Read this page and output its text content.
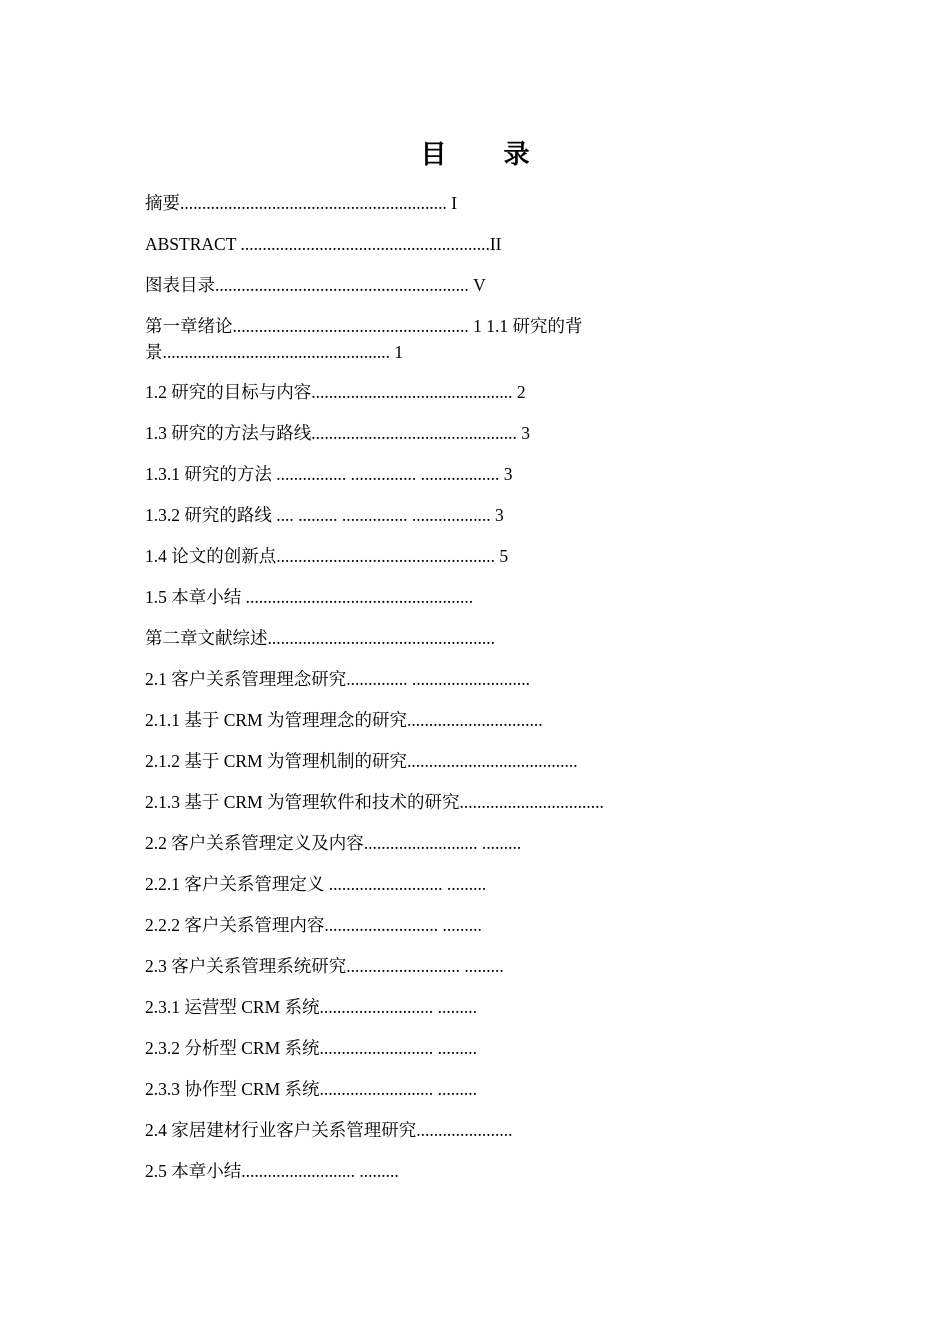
目 录
摘要............................................................. I
ABSTRACT .........................................................II
图表目录.......................................................... V
第一章绪论...................................................... 1 1.1 研究的背景.................................................... 1
1.2 研究的目标与内容.............................................. 2
1.3 研究的方法与路线............................................... 3
1.3.1 研究的方法 ................ ............... .................. 3
1.3.2 研究的路线 .... ......... ............... .................. 3
1.4 论文的创新点.................................................. 5
1.5 本章小结 ....................................................
第二章文献综述....................................................
2.1 客户关系管理理念研究.............. ...........................
2.1.1 基于 CRM 为管理理念的研究...............................
2.1.2 基于 CRM 为管理机制的研究.......................................
2.1.3 基于 CRM 为管理软件和技术的研究.................................
2.2 客户关系管理定义及内容.......................... .........
2.2.1 客户关系管理定义 .......................... .........
2.2.2 客户关系管理内容.......................... .........
2.3 客户关系管理系统研究.......................... .........
2.3.1 运营型 CRM 系统.......................... .........
2.3.2 分析型 CRM 系统.......................... .........
2.3.3 协作型 CRM 系统.......................... .........
2.4 家居建材行业客户关系管理研究......................
2.5 本章小结.......................... .........
